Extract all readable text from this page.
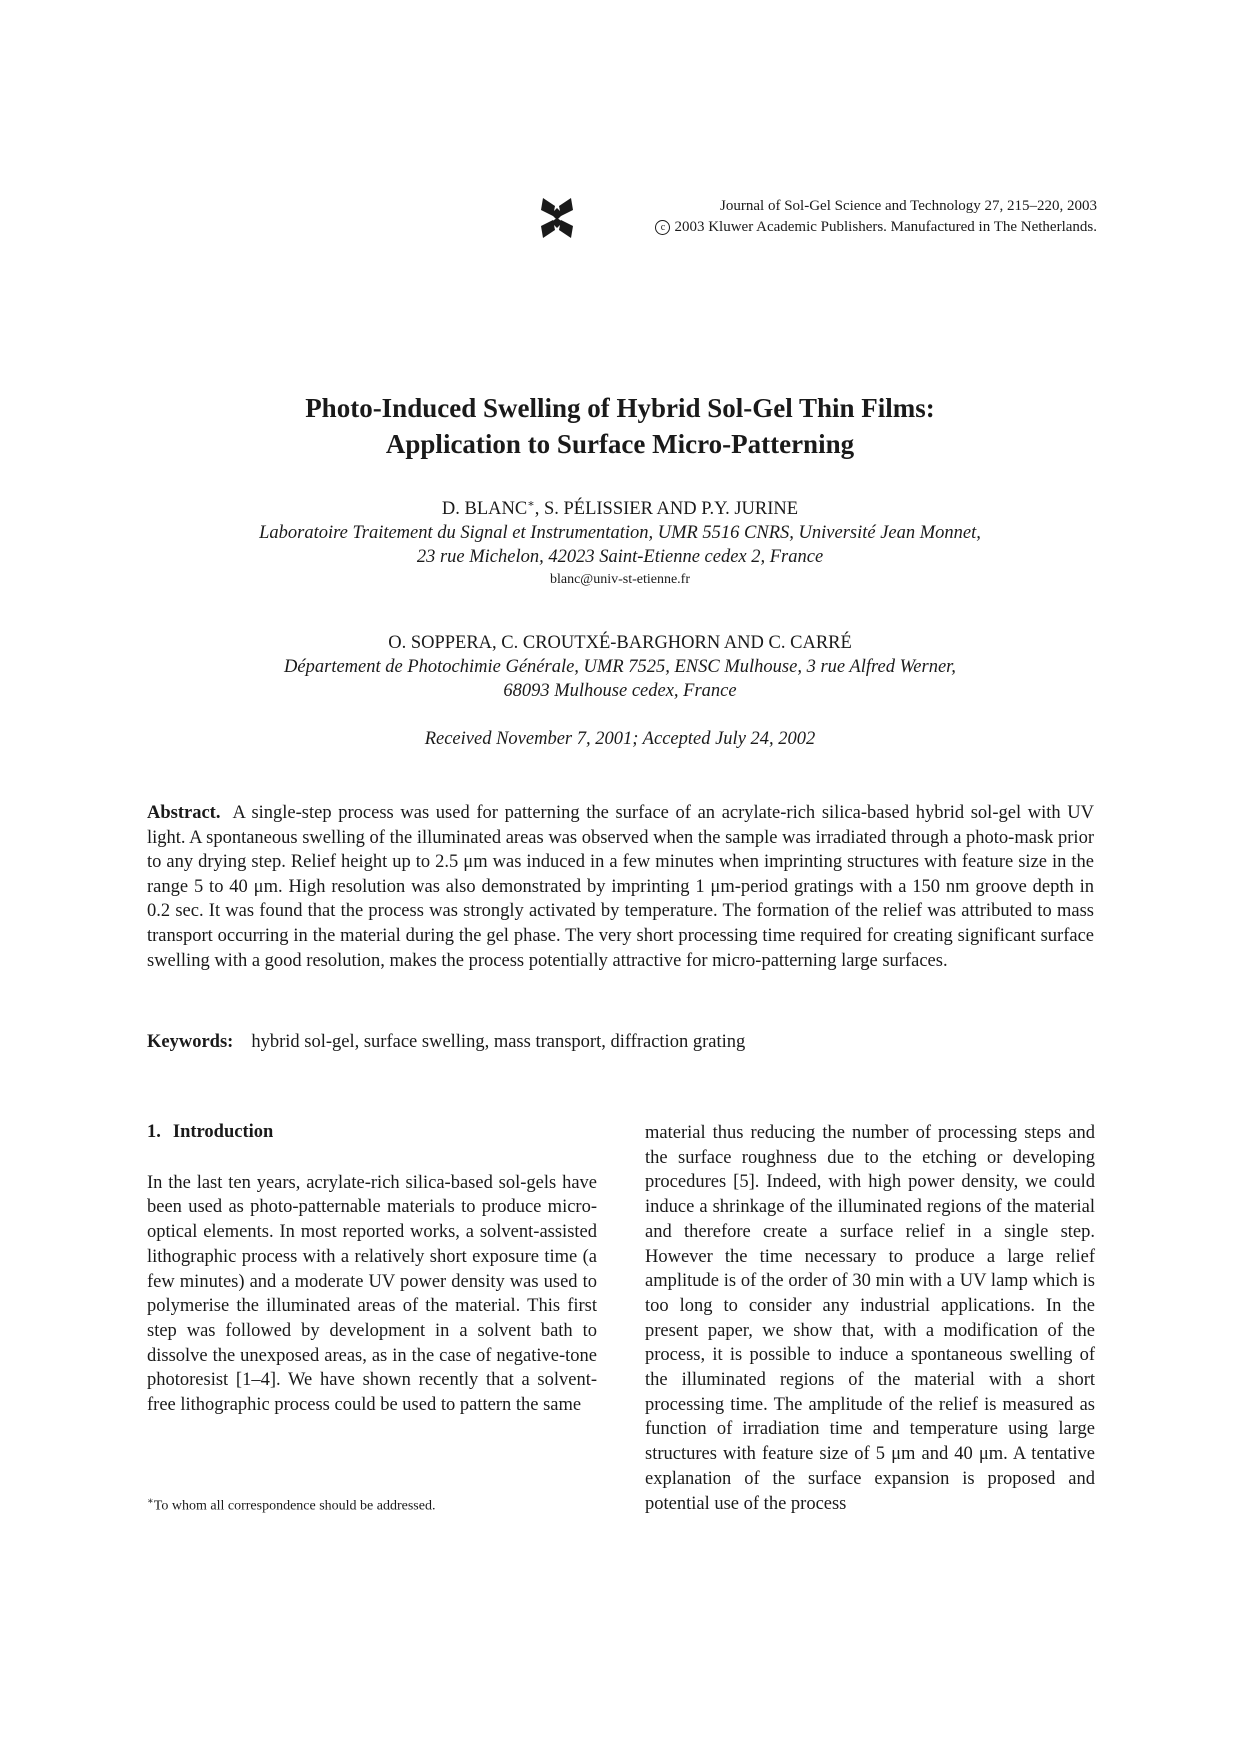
Journal of Sol-Gel Science and Technology 27, 215–220, 2003
c 2003 Kluwer Academic Publishers. Manufactured in The Netherlands.
Photo-Induced Swelling of Hybrid Sol-Gel Thin Films:
Application to Surface Micro-Patterning
D. BLANC∗, S. PÉLISSIER AND P.Y. JURINE
Laboratoire Traitement du Signal et Instrumentation, UMR 5516 CNRS, Université Jean Monnet,
23 rue Michelon, 42023 Saint-Etienne cedex 2, France
blanc@univ-st-etienne.fr
O. SOPPERA, C. CROUTXÉ-BARGHORN AND C. CARRÉ
Département de Photochimie Générale, UMR 7525, ENSC Mulhouse, 3 rue Alfred Werner,
68093 Mulhouse cedex, France
Received November 7, 2001; Accepted July 24, 2002

Abstract. A single-step process was used for patterning the surface of an acrylate-rich silica-based hybrid sol-gel with UV light. A spontaneous swelling of the illuminated areas was observed when the sample was irradiated through a photo-mask prior to any drying step. Relief height up to 2.5 μm was induced in a few minutes when imprinting structures with feature size in the range 5 to 40 μm. High resolution was also demonstrated by imprinting 1 μm-period gratings with a 150 nm groove depth in 0.2 sec. It was found that the process was strongly activated by temperature. The formation of the relief was attributed to mass transport occurring in the material during the gel phase. The very short processing time required for creating significant surface swelling with a good resolution, makes the process potentially attractive for micro-patterning large surfaces.

Keywords: hybrid sol-gel, surface swelling, mass transport, diffraction grating

1. Introduction

In the last ten years, acrylate-rich silica-based sol-gels have been used as photo-patternable materials to produce micro-optical elements. In most reported works, a solvent-assisted lithographic process with a relatively short exposure time (a few minutes) and a moderate UV power density was used to polymerise the illuminated areas of the material. This first step was followed by development in a solvent bath to dissolve the unexposed areas, as in the case of negative-tone photoresist [1–4]. We have shown recently that a solvent-free lithographic process could be used to pattern the same

material thus reducing the number of processing steps and the surface roughness due to the etching or developing procedures [5]. Indeed, with high power density, we could induce a shrinkage of the illuminated regions of the material and therefore create a surface relief in a single step. However the time necessary to produce a large relief amplitude is of the order of 30 min with a UV lamp which is too long to consider any industrial applications. In the present paper, we show that, with a modification of the process, it is possible to induce a spontaneous swelling of the illuminated regions of the material with a short processing time. The amplitude of the relief is measured as function of irradiation time and temperature using large structures with feature size of 5 μm and 40 μm. A tentative explanation of the surface expansion is proposed and potential use of the process

∗To whom all correspondence should be addressed.
